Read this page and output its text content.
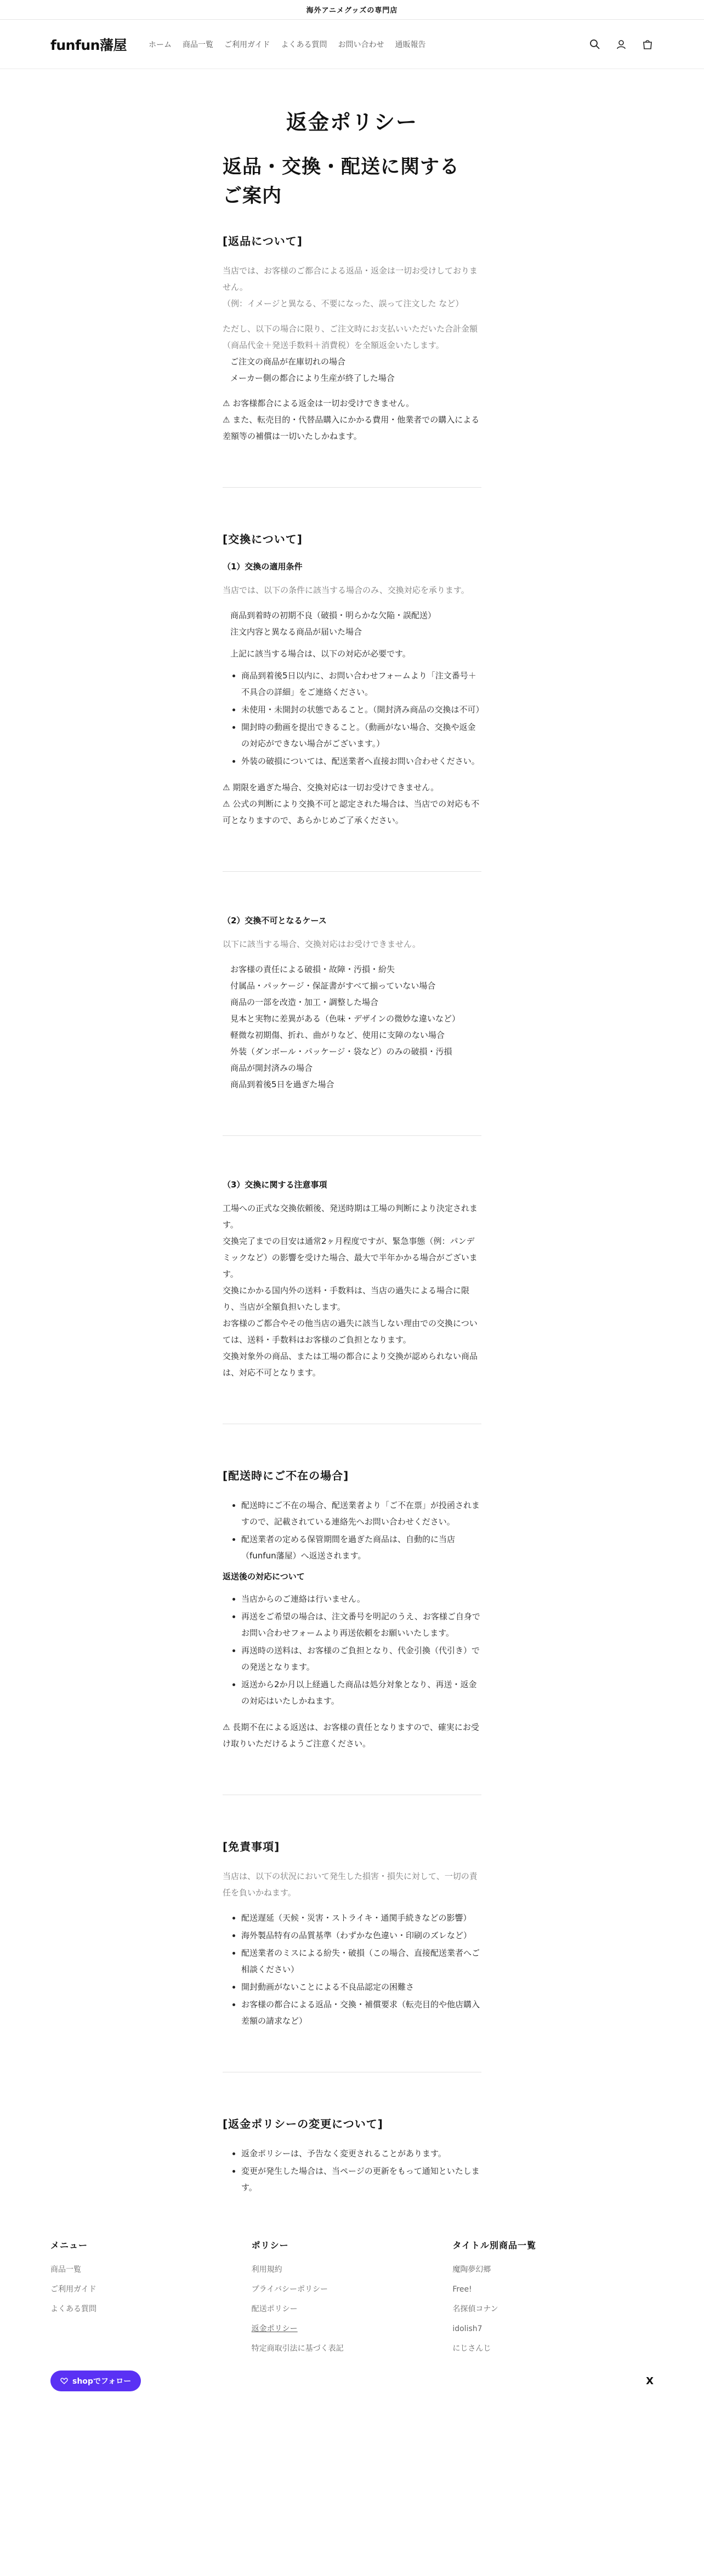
海外アニメグッズの専門店
funfun藩屋	ホーム 商品一覧 ご利用ガイド よくある質問 お問い合わせ 通販報告
返金ポリシー
返品・交換・配送に関する
ご案内
[返品について]

当店では、お客様のご都合による返品・返金は一切お受けしておりません。

（例：イメージと異なる、不要になった、誤って注文した など）

ただし、以下の場合に限り、ご注文時にお支払いいただいた合計金額（商品代金＋発送手数料＋消費税）を全額返金いたします。

ご注文の商品が在庫切れの場合
メーカー側の都合により生産が終了した場合

⚠ お客様都合による返金は一切お受けできません。

⚠ また、転売目的・代替品購入にかかる費用・他業者での購入による差額等の補償は一切いたしかねます。

[交換について]
（1）交換の適用条件

当店では、以下の条件に該当する場合のみ、交換対応を承ります。

商品到着時の初期不良（破損・明らかな欠陥・誤配送）
注文内容と異なる商品が届いた場合
上記に該当する場合は、以下の対応が必要です。
• 商品到着後5日以内に、お問い合わせフォームより「注文番号＋不具合の詳細」をご連絡ください。
• 未使用・未開封の状態であること。（開封済み商品の交換は不可）
• 開封時の動画を提出できること。（動画がない場合、交換や返金の対応ができない場合がございます。）
• 外装の破損については、配送業者へ直接お問い合わせください。

⚠ 期限を過ぎた場合、交換対応は一切お受けできません。

⚠ 公式の判断により交換不可と認定された場合は、当店での対応も不可となりますので、あらかじめご了承ください。

（2）交換不可となるケース

以下に該当する場合、交換対応はお受けできません。

お客様の責任による破損・故障・汚損・紛失
付属品・パッケージ・保証書がすべて揃っていない場合
商品の一部を改造・加工・調整した場合
見本と実物に差異がある（色味・デザインの微妙な違いなど）
軽微な初期傷、折れ、曲がりなど、使用に支障のない場合
外装（ダンボール・パッケージ・袋など）のみの破損・汚損
商品が開封済みの場合
商品到着後5日を過ぎた場合
（3）交換に関する注意事項

工場への正式な交換依頼後、発送時期は工場の判断により決定されます。

交換完了までの目安は通常2ヶ月程度ですが、緊急事態（例：パンデミックなど）の影響を受けた場合、最大で半年かかる場合がございます。

交換にかかる国内外の送料・手数料は、当店の過失による場合に限り、当店が全額負担いたします。

お客様のご都合やその他当店の過失に該当しない理由での交換については、送料・手数料はお客様のご負担となります。

交換対象外の商品、または工場の都合により交換が認められない商品は、対応不可となります。

[配送時にご不在の場合]
• 配送時にご不在の場合、配送業者より「ご不在票」が投函されますので、記載されている連絡先へお問い合わせください。
• 配送業者の定める保管期間を過ぎた商品は、自動的に当店（funfun藩屋）へ返送されます。
返送後の対応について
• 当店からのご連絡は行いません。
• 再送をご希望の場合は、注文番号を明記のうえ、お客様ご自身でお問い合わせフォームより再送依頼をお願いいたします。
• 再送時の送料は、お客様のご負担となり、代金引換（代引き）での発送となります。
• 返送から2か月以上経過した商品は処分対象となり、再送・返金の対応はいたしかねます。

⚠ 長期不在による返送は、お客様の責任となりますので、確実にお受け取りいただけるようご注意ください。

[免責事項]

当店は、以下の状況において発生した損害・損失に対して、一切の責任を負いかねます。

• 配送遅延（天候・災害・ストライキ・通関手続きなどの影響）
• 海外製品特有の品質基準（わずかな色違い・印刷のズレなど）
• 配送業者のミスによる紛失・破損（この場合、直接配送業者へご相談ください）
• 開封動画がないことによる不良品認定の困難さ
• お客様の都合による返品・交換・補償要求（転売目的や他店購入差額の請求など）
[返金ポリシーの変更について]
• 返金ポリシーは、予告なく変更されることがあります。
• 変更が発生した場合は、当ページの更新をもって通知といたします。
メニュー
商品一覧
ご利用ガイド
よくある質問
ポリシー
利用規約
プライバシーポリシー
配送ポリシー
返金ポリシー
特定商取引法に基づく表記
タイトル別商品一覧
魔陶夢幻郷
Free!
名探偵コナン
idolish7
にじさんじ
shopでフォロー	X
